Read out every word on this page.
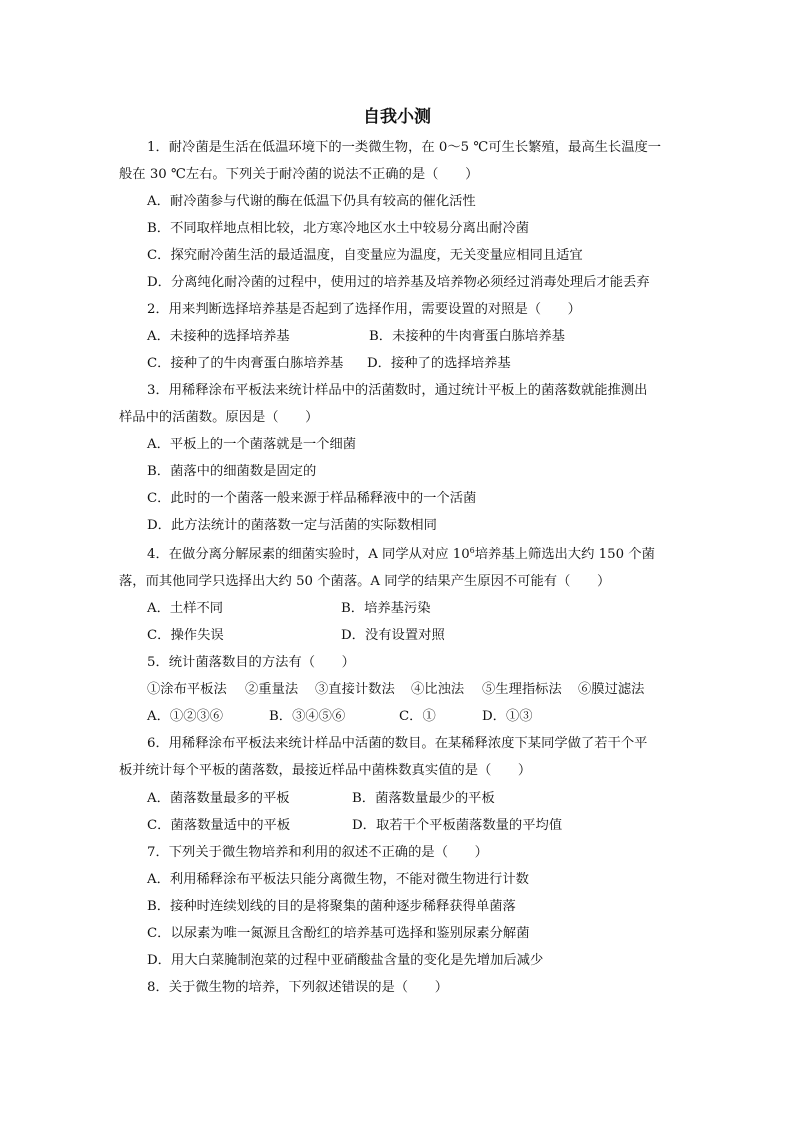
自我小测
1．耐冷菌是生活在低温环境下的一类微生物，在 0～5 ℃可生长繁殖，最高生长温度一
般在 30 ℃左右。下列关于耐冷菌的说法不正确的是（　　）
A．耐冷菌参与代谢的酶在低温下仍具有较高的催化活性
B．不同取样地点相比较，北方寒冷地区水土中较易分离出耐冷菌
C．探究耐冷菌生活的最适温度，自变量应为温度，无关变量应相同且适宜
D．分离纯化耐冷菌的过程中，使用过的培养基及培养物必须经过消毒处理后才能丢弃
2．用来判断选择培养基是否起到了选择作用，需要设置的对照是（　　）
A．未接种的选择培养基	B．未接种的牛肉膏蛋白胨培养基
C．接种了的牛肉膏蛋白胨培养基 D．接种了的选择培养基
3．用稀释涂布平板法来统计样品中的活菌数时，通过统计平板上的菌落数就能推测出
样品中的活菌数。原因是（　　）
A．平板上的一个菌落就是一个细菌
B．菌落中的细菌数是固定的
C．此时的一个菌落一般来源于样品稀释液中的一个活菌
D．此方法统计的菌落数一定与活菌的实际数相同
4．在做分离分解尿素的细菌实验时，A 同学从对应 $10^6$培养基上筛选出大约 150 个菌
落，而其他同学只选择出大约 50 个菌落。A 同学的结果产生原因不可能有（　　）
A．土样不同	B．培养基污染
C．操作失误	D．没有设置对照
5．统计菌落数目的方法有（　　）
①涂布平板法 ②重量法 ③直接计数法 ④比浊法 ⑤生理指标法 ⑥膜过滤法
A．①②③⑥	B．③④⑤⑥	C．①	D．①③
6．用稀释涂布平板法来统计样品中活菌的数目。在某稀释浓度下某同学做了若干个平
板并统计每个平板的菌落数，最接近样品中菌株数真实值的是（　　）
A．菌落数量最多的平板	B．菌落数量最少的平板
C．菌落数量适中的平板	D．取若干个平板菌落数量的平均值
7．下列关于微生物培养和利用的叙述不正确的是（　　）
A．利用稀释涂布平板法只能分离微生物，不能对微生物进行计数
B．接种时连续划线的目的是将聚集的菌种逐步稀释获得单菌落
C．以尿素为唯一氮源且含酚红的培养基可选择和鉴别尿素分解菌
D．用大白菜腌制泡菜的过程中亚硝酸盐含量的变化是先增加后减少
8．关于微生物的培养，下列叙述错误的是（　　）
